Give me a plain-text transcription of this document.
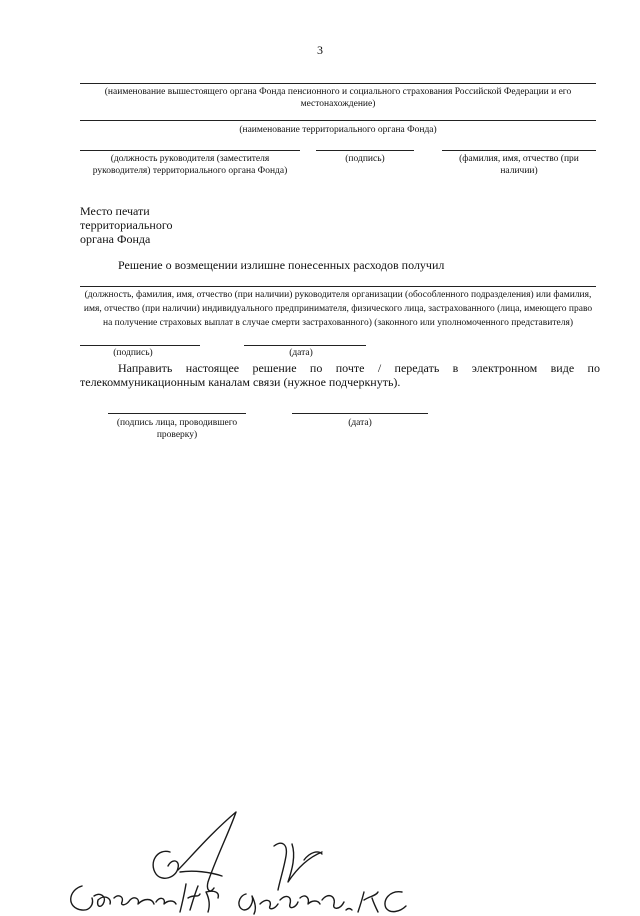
3
(наименование вышестоящего органа Фонда пенсионного и социального страхования Российской Федерации и его
местонахождение)
(наименование территориального органа Фонда)
(должность руководителя (заместителя
руководителя) территориального органа Фонда)
(подпись)	(фамилия, имя, отчество (при
наличии)
Место печати
территориального
органа Фонда
Решение о возмещении излишне понесенных расходов получил
(должность, фамилия, имя, отчество (при наличии) руководителя организации (обособленного подразделения) или фамилия,
имя, отчество (при наличии) индивидуального предпринимателя, физического лица, застрахованного (лица, имеющего право
на получение страховых выплат в случае смерти застрахованного) (законного или уполномоченного представителя)
(подпись)	(дата)
Направить настоящее решение по почте / передать в электронном виде по
телекоммуникационным каналам связи (нужное подчеркнуть).
(подпись лица, проводившего
проверку)
(дата)
